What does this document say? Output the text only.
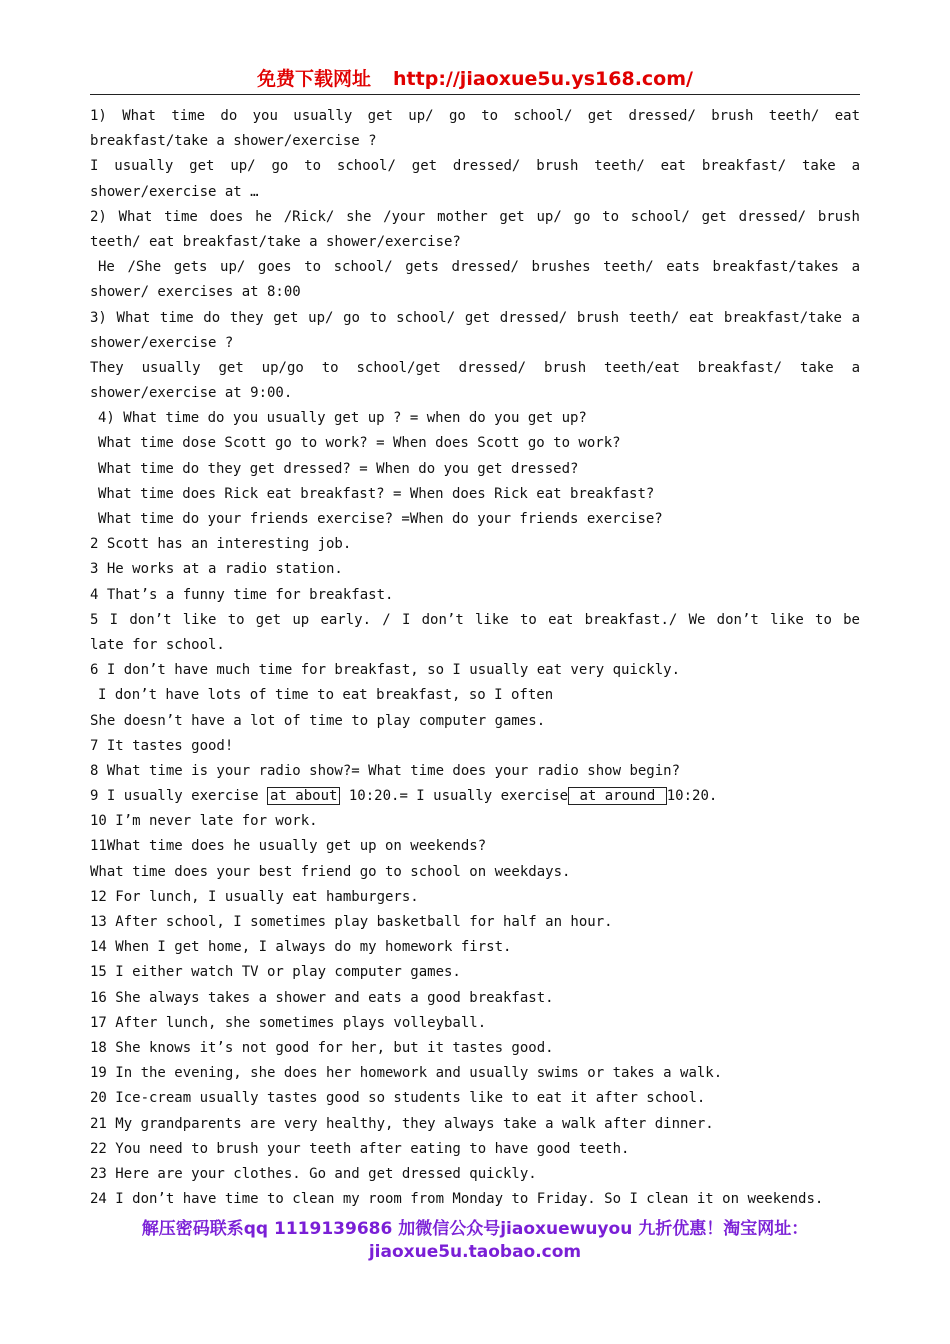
免费下载网址 http://jiaoxue5u.ys168.com/
1) What time do you usually get up/ go to school/ get dressed/ brush teeth/ eat
breakfast/take a shower/exercise ?
I usually get up/ go to school/ get dressed/ brush teeth/ eat breakfast/ take a
shower/exercise at …
2) What time does he /Rick/ she /your mother get up/ go to school/ get dressed/ brush
teeth/ eat breakfast/take a shower/exercise?
He /She gets up/ goes to school/ gets dressed/ brushes teeth/ eats breakfast/takes a
shower/ exercises at 8:00
3) What time do they get up/ go to school/ get dressed/ brush teeth/ eat breakfast/take a
shower/exercise ?
They usually get up/go to school/get dressed/ brush teeth/eat breakfast/ take a
shower/exercise at 9:00.
4) What time do you usually get up ? = when do you get up?
What time dose Scott go to work? = When does Scott go to work?
What time do they get dressed? = When do you get dressed?
What time does Rick eat breakfast? = When does Rick eat breakfast?
What time do your friends exercise? =When do your friends exercise?
2 Scott has an interesting job.
3 He works at a radio station.
4 That’s a funny time for breakfast.
5 I don’t like to get up early. / I don’t like to eat breakfast./ We don’t like to be
late for school.
6 I don’t have much time for breakfast, so I usually eat very quickly.
I don’t have lots of time to eat breakfast, so I often
She doesn’t have a lot of time to play computer games.
7 It tastes good!
8 What time is your radio show?= What time does your radio show begin?
9 I usually exercise at about 10:20.= I usually exercise at around 10:20.
10 I’m never late for work.
11What time does he usually get up on weekends?
What time does your best friend go to school on weekdays.
12 For lunch, I usually eat hamburgers.
13 After school, I sometimes play basketball for half an hour.
14 When I get home, I always do my homework first.
15 I either watch TV or play computer games.
16 She always takes a shower and eats a good breakfast.
17 After lunch, she sometimes plays volleyball.
18 She knows it’s not good for her, but it tastes good.
19 In the evening, she does her homework and usually swims or takes a walk.
20 Ice-cream usually tastes good so students like to eat it after school.
21 My grandparents are very healthy, they always take a walk after dinner.
22 You need to brush your teeth after eating to have good teeth.
23 Here are your clothes. Go and get dressed quickly.
24 I don’t have time to clean my room from Monday to Friday. So I clean it on weekends.
解压密码联系qq 1119139686 加微信公众号jiaoxuewuyou 九折优惠！淘宝网址：jiaoxue5u.taobao.com
